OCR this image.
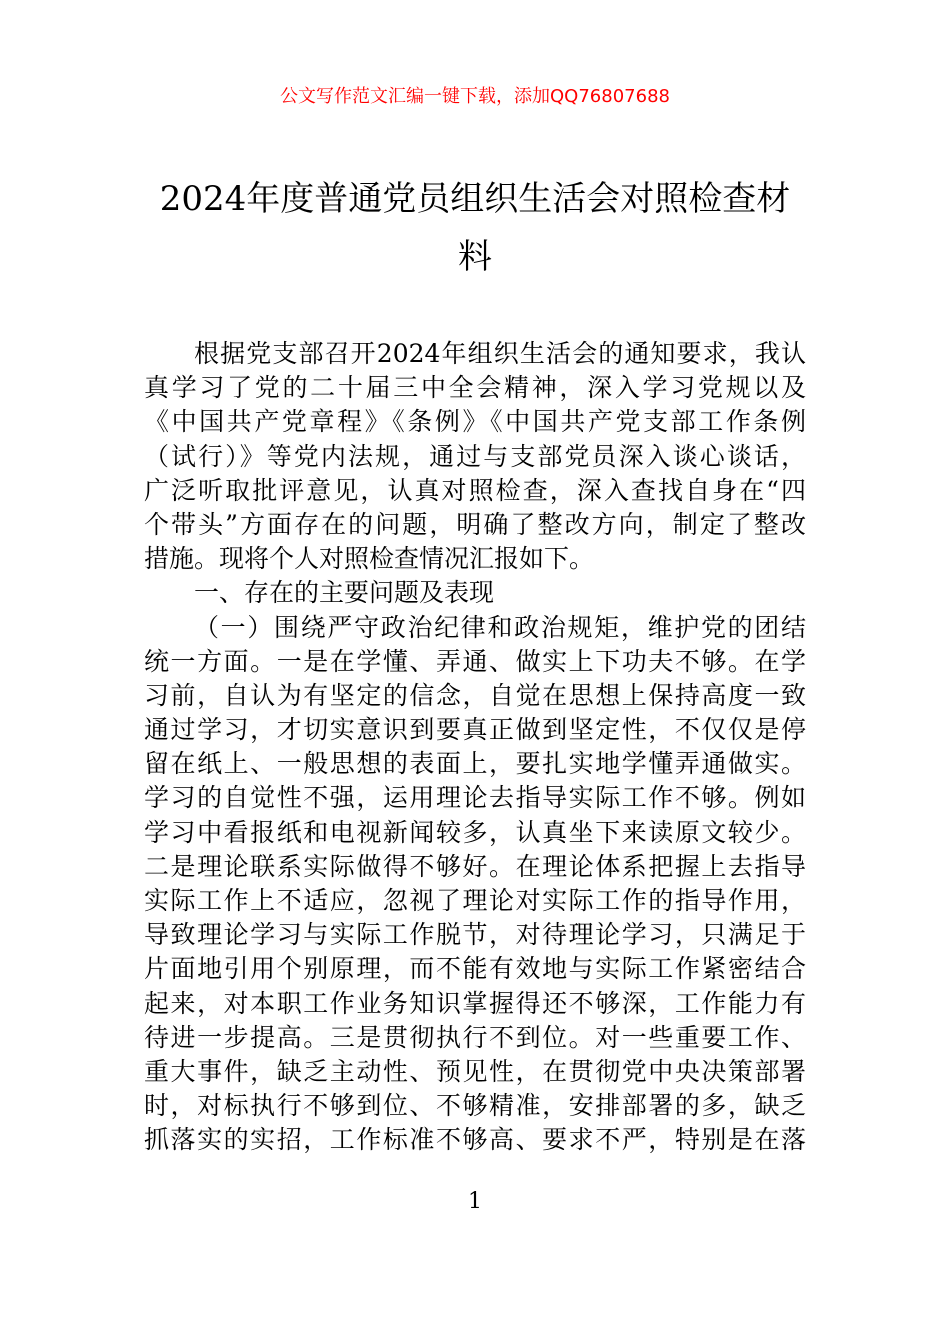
公文写作范文汇编一键下载，添加QQ76807688
2024年度普通党员组织生活会对照检查材
料
根据党支部召开2024年组织生活会的通知要求，我认
真学习了党的二十届三中全会精神，深入学习党规以及
《中国共产党章程》《条例》《中国共产党支部工作条例
（试行）》等党内法规，通过与支部党员深入谈心谈话，
广泛听取批评意见，认真对照检查，深入查找自身在“四
个带头”方面存在的问题，明确了整改方向，制定了整改
措施。现将个人对照检查情况汇报如下。
一、存在的主要问题及表现
（一）围绕严守政治纪律和政治规矩，维护党的团结
统一方面。一是在学懂、弄通、做实上下功夫不够。在学
习前，自认为有坚定的信念，自觉在思想上保持高度一致
通过学习，才切实意识到要真正做到坚定性，不仅仅是停
留在纸上、一般思想的表面上，要扎实地学懂弄通做实。
学习的自觉性不强，运用理论去指导实际工作不够。例如
学习中看报纸和电视新闻较多，认真坐下来读原文较少。
二是理论联系实际做得不够好。在理论体系把握上去指导
实际工作上不适应，忽视了理论对实际工作的指导作用，
导致理论学习与实际工作脱节，对待理论学习，只满足于
片面地引用个别原理，而不能有效地与实际工作紧密结合
起来，对本职工作业务知识掌握得还不够深，工作能力有
待进一步提高。三是贯彻执行不到位。对一些重要工作、
重大事件，缺乏主动性、预见性，在贯彻党中央决策部署
时，对标执行不够到位、不够精准，安排部署的多，缺乏
抓落实的实招，工作标准不够高、要求不严，特别是在落
1
